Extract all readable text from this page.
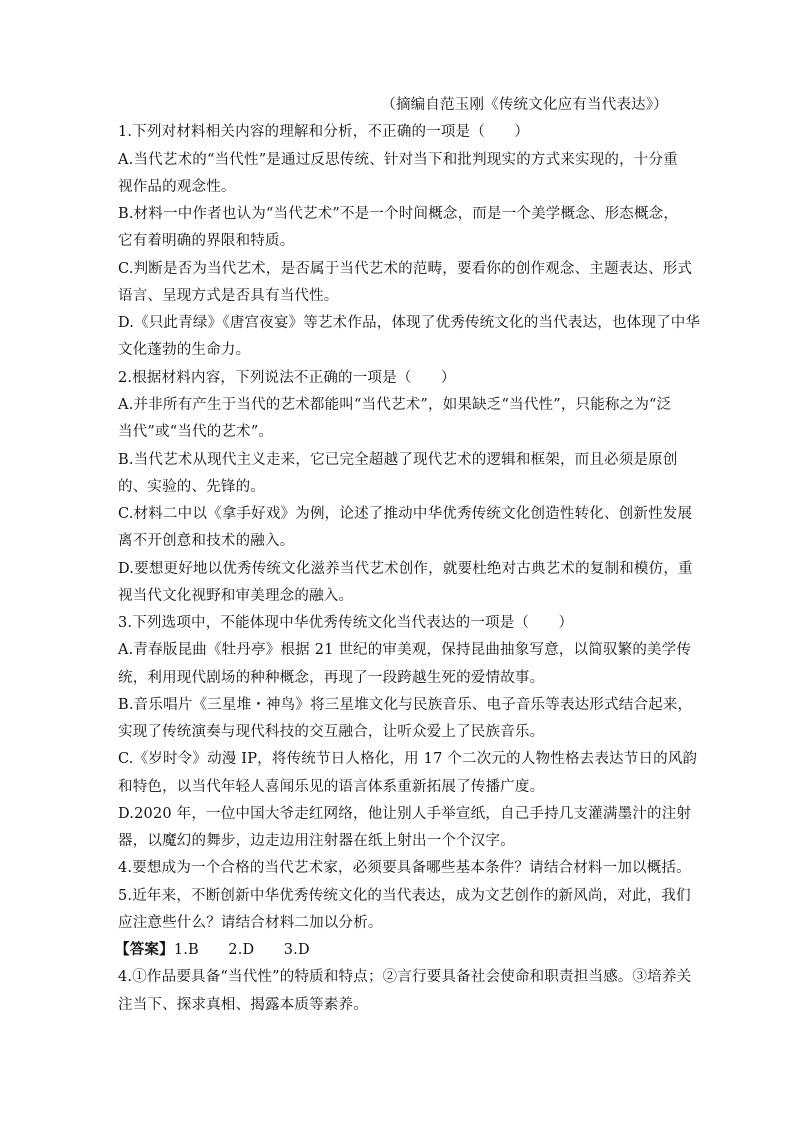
（摘编自范玉刚《传统文化应有当代表达》）
1.下列对材料相关内容的理解和分析，不正确的一项是（　　）
A.当代艺术的“当代性”是通过反思传统、针对当下和批判现实的方式来实现的，十分重
视作品的观念性。
B.材料一中作者也认为“当代艺术”不是一个时间概念，而是一个美学概念、形态概念，
它有着明确的界限和特质。
C.判断是否为当代艺术，是否属于当代艺术的范畴，要看你的创作观念、主题表达、形式
语言、呈现方式是否具有当代性。
D.《只此青绿》《唐宫夜宴》等艺术作品，体现了优秀传统文化的当代表达，也体现了中华
文化蓬勃的生命力。
2.根据材料内容，下列说法不正确的一项是（　　）
A.并非所有产生于当代的艺术都能叫“当代艺术”，如果缺乏“当代性”，只能称之为“泛
当代”或“当代的艺术”。
B.当代艺术从现代主义走来，它已完全超越了现代艺术的逻辑和框架，而且必须是原创
的、实验的、先锋的。
C.材料二中以《拿手好戏》为例，论述了推动中华优秀传统文化创造性转化、创新性发展
离不开创意和技术的融入。
D.要想更好地以优秀传统文化滋养当代艺术创作，就要杜绝对古典艺术的复制和模仿，重
视当代文化视野和审美理念的融入。
3.下列选项中，不能体现中华优秀传统文化当代表达的一项是（　　）
A.青春版昆曲《牡丹亭》根据 21 世纪的审美观，保持昆曲抽象写意，以简驭繁的美学传
统，利用现代剧场的种种概念，再现了一段跨越生死的爱情故事。
B.音乐唱片《三星堆・神鸟》将三星堆文化与民族音乐、电子音乐等表达形式结合起来，
实现了传统演奏与现代科技的交互融合，让听众爱上了民族音乐。
C.《岁时令》动漫 IP，将传统节日人格化，用 17 个二次元的人物性格去表达节日的风韵
和特色，以当代年轻人喜闻乐见的语言体系重新拓展了传播广度。
D.2020 年，一位中国大爷走红网络，他让别人手举宣纸，自己手持几支灌满墨汁的注射
器，以魔幻的舞步，边走边用注射器在纸上射出一个个汉字。
4.要想成为一个合格的当代艺术家，必须要具备哪些基本条件？请结合材料一加以概括。
5.近年来，不断创新中华优秀传统文化的当代表达，成为文艺创作的新风尚，对此，我们
应注意些什么？请结合材料二加以分析。
【答案】1.B　　2.D　　3.D
4.①作品要具备“当代性”的特质和特点；②言行要具备社会使命和职责担当感。③培养关
注当下、探求真相、揭露本质等素养。
